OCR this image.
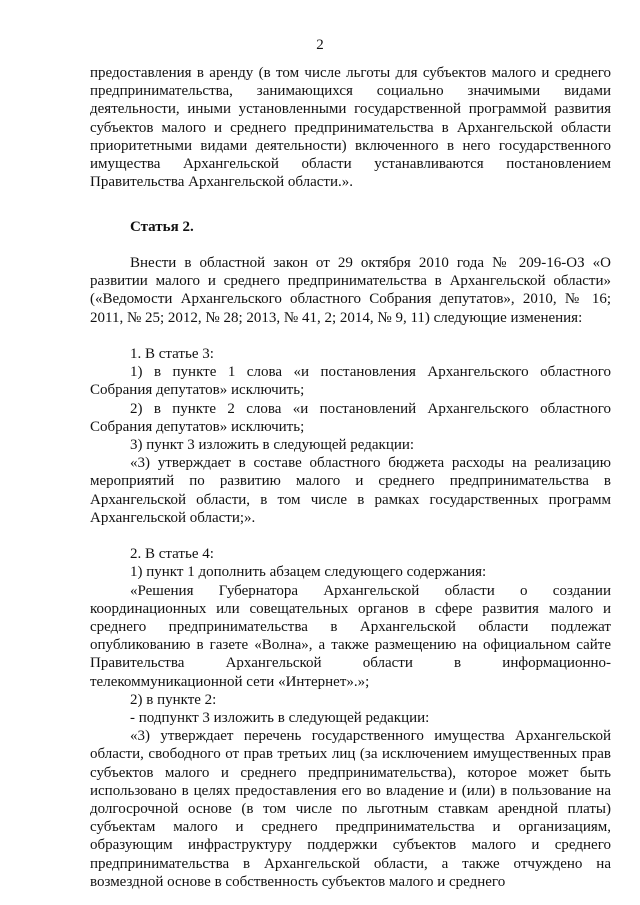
2

предоставления в аренду (в том числе льготы для субъектов малого и среднего предпринимательства, занимающихся социально значимыми видами деятельности, иными установленными государственной программой развития субъектов малого и среднего предпринимательства в Архангельской области приоритетными видами деятельности) включенного в него государственного имущества Архангельской области устанавливаются постановлением Правительства Архангельской области.».

Статья 2.

Внести в областной закон от 29 октября 2010 года № 209-16-ОЗ «О развитии малого и среднего предпринимательства в Архангельской области» («Ведомости Архангельского областного Собрания депутатов», 2010, № 16; 2011, № 25; 2012, № 28; 2013, № 41, 2; 2014, № 9, 11) следующие изменения:

1. В статье 3:

1) в пункте 1 слова «и постановления Архангельского областного Собрания депутатов» исключить;

2) в пункте 2 слова «и постановлений Архангельского областного Собрания депутатов» исключить;

3) пункт 3 изложить в следующей редакции:

«3) утверждает в составе областного бюджета расходы на реализацию мероприятий по развитию малого и среднего предпринимательства в Архангельской области, в том числе в рамках государственных программ Архангельской области;».

2. В статье 4:

1) пункт 1 дополнить абзацем следующего содержания:

«Решения Губернатора Архангельской области о создании координационных или совещательных органов в сфере развития малого и среднего предпринимательства в Архангельской области подлежат опубликованию в газете «Волна», а также размещению на официальном сайте Правительства Архангельской области в информационно-телекоммуникационной сети «Интернет».»;

2) в пункте 2:

- подпункт 3 изложить в следующей редакции:

«3) утверждает перечень государственного имущества Архангельской области, свободного от прав третьих лиц (за исключением имущественных прав субъектов малого и среднего предпринимательства), которое может быть использовано в целях предоставления его во владение и (или) в пользование на долгосрочной основе (в том числе по льготным ставкам арендной платы) субъектам малого и среднего предпринимательства и организациям, образующим инфраструктуру поддержки субъектов малого и среднего предпринимательства в Архангельской области, а также отчуждено на возмездной основе в собственность субъектов малого и среднего
